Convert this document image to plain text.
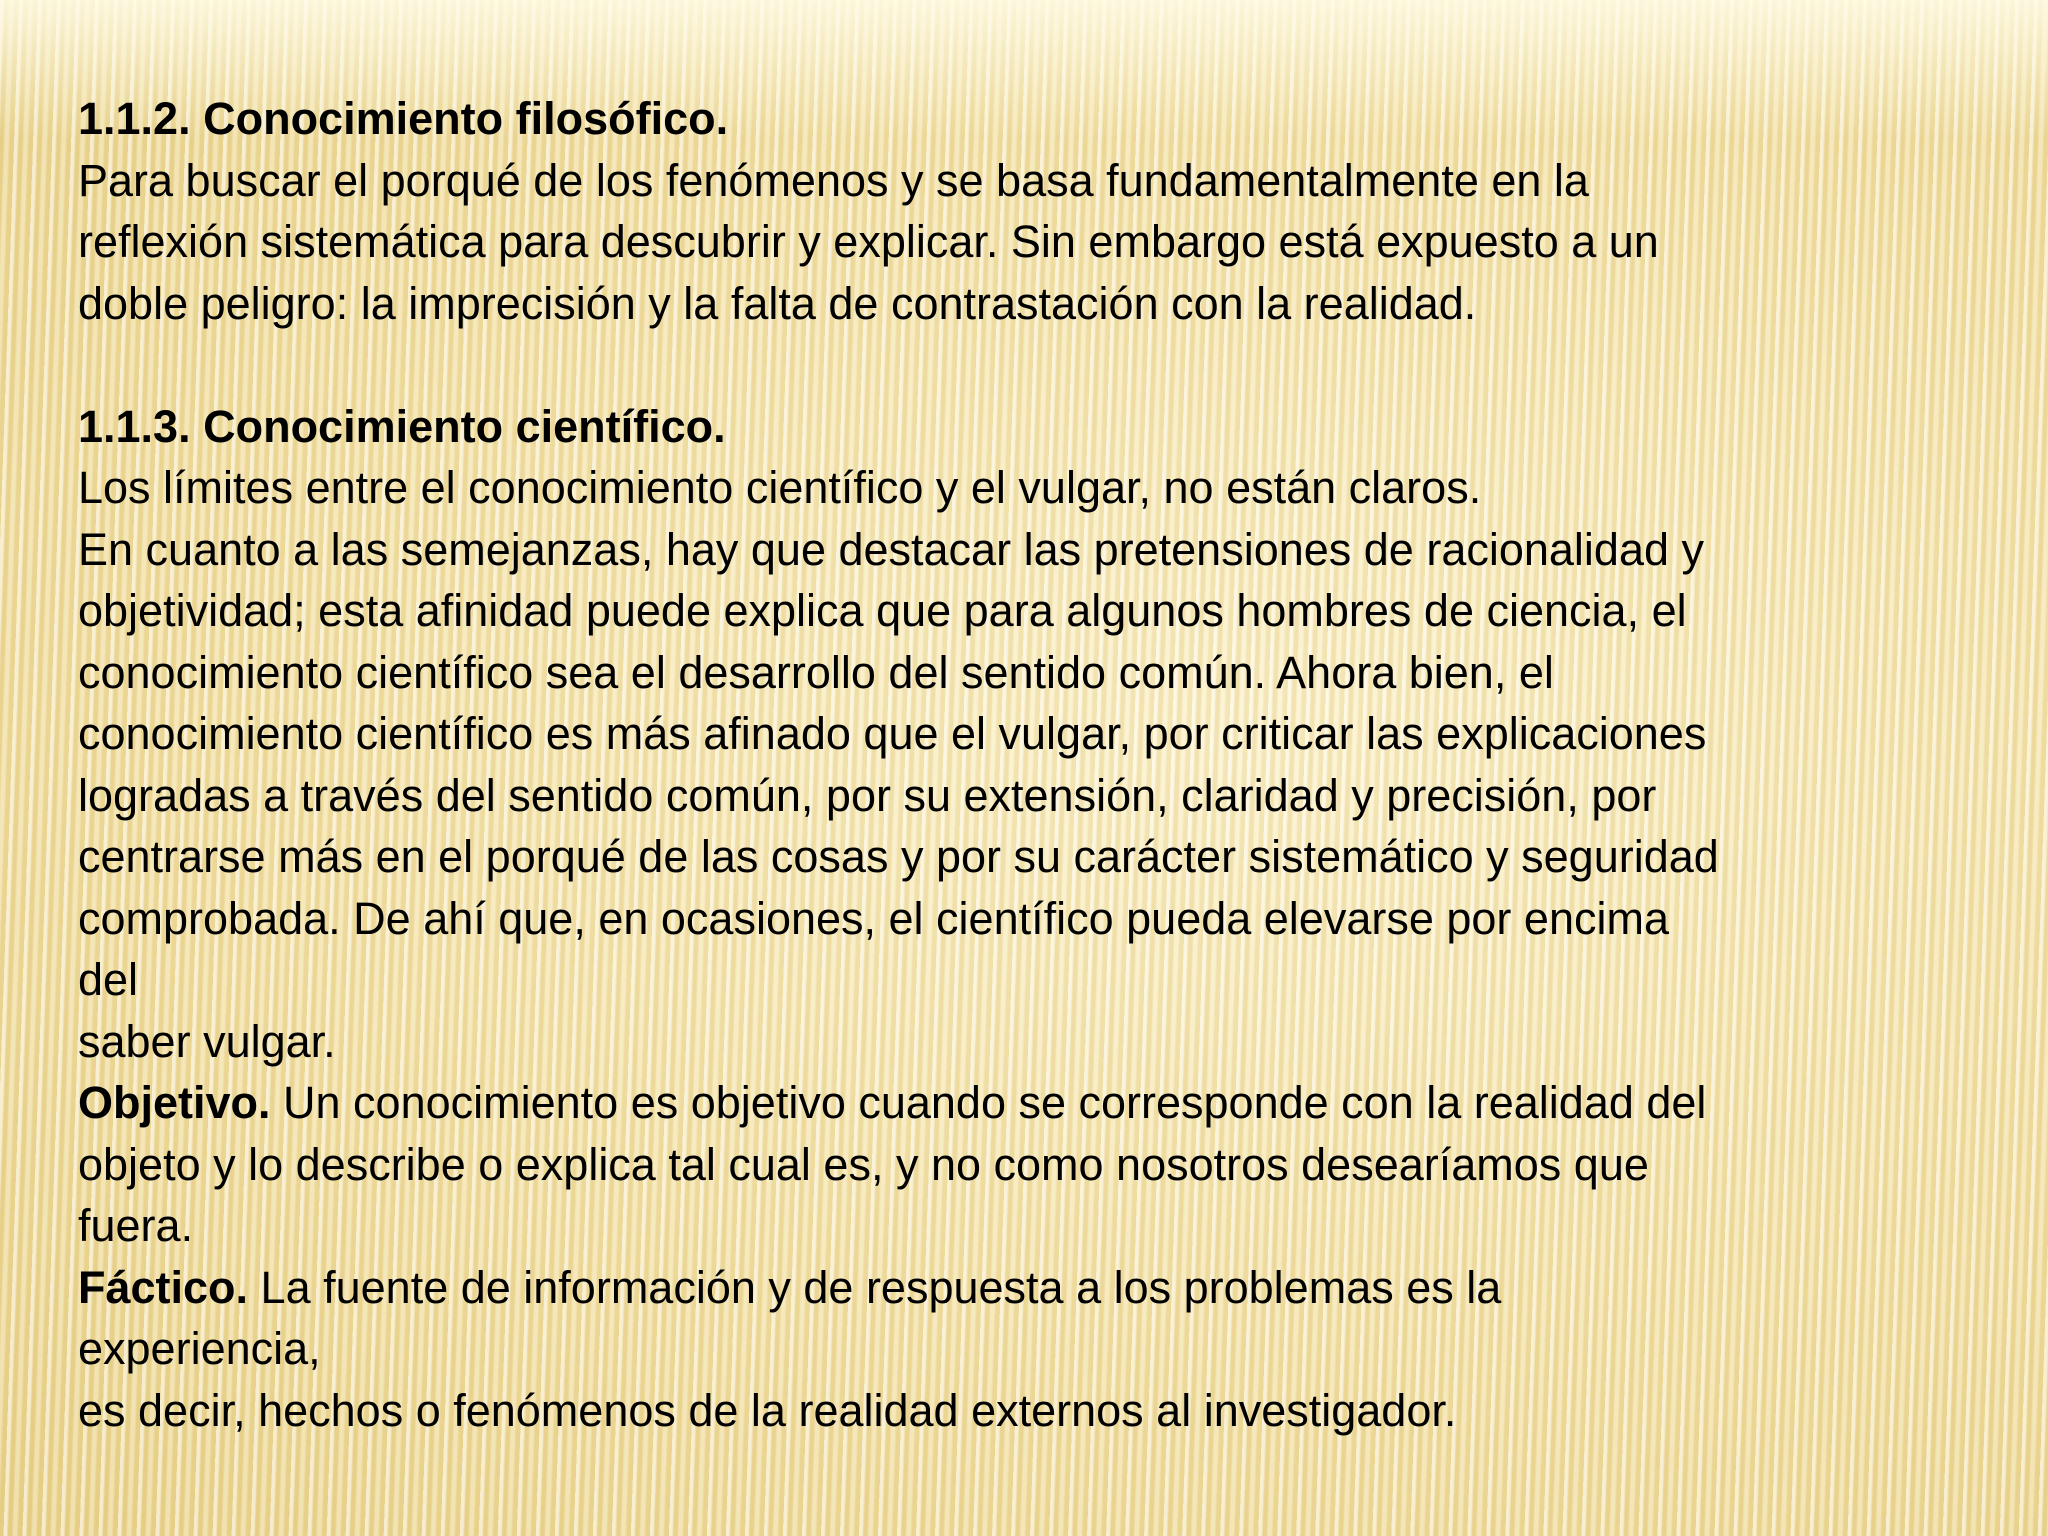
1.1.2. Conocimiento filosófico.
Para buscar el porqué de los fenómenos y se basa fundamentalmente en la
reflexión sistemática para descubrir y explicar. Sin embargo está expuesto a un
doble peligro: la imprecisión y la falta de contrastación con la realidad.
1.1.3. Conocimiento científico.
Los límites entre el conocimiento científico y el vulgar, no están claros.
En cuanto a las semejanzas, hay que destacar las pretensiones de racionalidad y
objetividad; esta afinidad puede explica que para algunos hombres de ciencia, el
conocimiento científico sea el desarrollo del sentido común. Ahora bien, el
conocimiento científico es más afinado que el vulgar, por criticar las explicaciones
logradas a través del sentido común, por su extensión, claridad y precisión, por
centrarse más en el porqué de las cosas y por su carácter sistemático y seguridad
comprobada. De ahí que, en ocasiones, el científico pueda elevarse por encima
del
saber vulgar.
Objetivo. Un conocimiento es objetivo cuando se corresponde con la realidad del
objeto y lo describe o explica tal cual es, y no como nosotros desearíamos que
fuera.
Fáctico. La fuente de información y de respuesta a los problemas es la
experiencia,
es decir, hechos o fenómenos de la realidad externos al investigador.
